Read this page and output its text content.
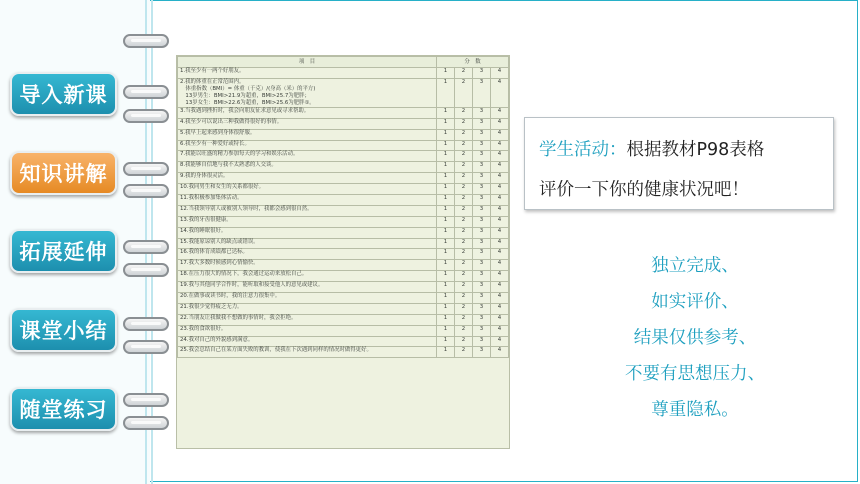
导入新课
知识讲解
拓展延伸
课堂小结
随堂练习
项　目	分　数			
1.我至少有一两个好朋友。	1	2	3	4
2.我的体重在正常范围内。
　体重指数（BMI）= 体重（千克）/(身高（米）的平方)
　13岁男生：BMI>21.9为超重，BMI>25.7为肥胖；
　13岁女生：BMI>22.6为超重，BMI>25.6为肥胖①。	1	2	3	4
3.当我遇到挫折时，我会向朋友征求意见或寻求帮助。	1	2	3	4
4.我至少可以说出三种我做得很好的事情。	1	2	3	4
5.我早上起来感到身体很舒服。	1	2	3	4
6.我至少有一种爱好或特长。	1	2	3	4
7.我能以旺盛的精力参加每天的学习和娱乐活动。	1	2	3	4
8.我能够自信地与我不太熟悉的人交谈。	1	2	3	4
9.我的身体很灵活。	1	2	3	4
10.我同男生和女生的关系都很好。	1	2	3	4
11.我积极参加集体活动。	1	2	3	4
12.当我领导别人或被别人领导时，我都会感到很自然。	1	2	3	4
13.我的牙齿很健康。	1	2	3	4
14.我的睡眠很好。	1	2	3	4
15.我能原谅别人的缺点或错误。	1	2	3	4
16.我的体育成绩都已达标。	1	2	3	4
17.我大多数时候感到心情愉快。	1	2	3	4
18.在压力很大的情况下，我会通过运动来放松自己。	1	2	3	4
19.我与其他同学合作时，能听取和接受他人的意见或建议。	1	2	3	4
20.在做事或读书时，我的注意力很集中。	1	2	3	4
21.我很少觉得疲乏无力。	1	2	3	4
22.当朋友让我做我不想做的事情时，我会拒绝。	1	2	3	4
23.我的食欲很好。	1	2	3	4
24.我对自己的外貌感到满意。	1	2	3	4
25.我会总结自己在某方面失败的教训，使我在下次遇到同样的情况时做得更好。	1	2	3	4
学生活动：根据教材P98表格
评价一下你的健康状况吧！
独立完成、
如实评价、
结果仅供参考、
不要有思想压力、
尊重隐私。
